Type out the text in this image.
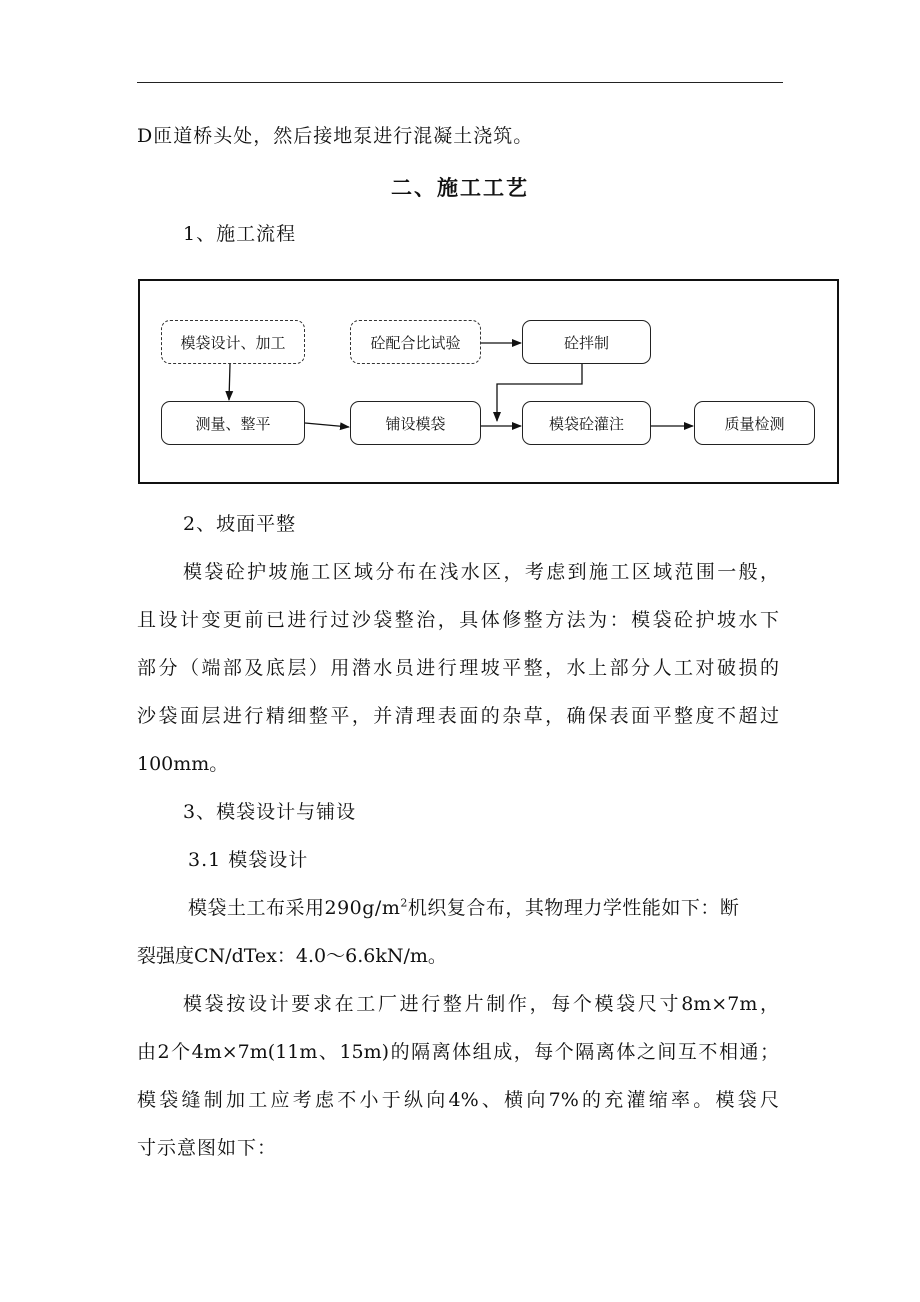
D匝道桥头处，然后接地泵进行混凝土浇筑。
二、施工工艺
1、施工流程
模袋设计、加工	砼配合比试验	砼拌制
测量、整平	铺设模袋	模袋砼灌注	质量检测
2、坡面平整
模袋砼护坡施工区域分布在浅水区，考虑到施工区域范围一般，
且设计变更前已进行过沙袋整治，具体修整方法为：模袋砼护坡水下
部分（端部及底层）用潜水员进行理坡平整，水上部分人工对破损的
沙袋面层进行精细整平，并清理表面的杂草，确保表面平整度不超过
100mm。
3、模袋设计与铺设
3.1 模袋设计
模袋土工布采用$290g/m^2$机织复合布，其物理力学性能如下：断
裂强度CN/dTex：4.0～6.6kN/m。
模袋按设计要求在工厂进行整片制作，每个模袋尺寸8m×7m，
由2个4m×7m(11m、15m)的隔离体组成，每个隔离体之间互不相通；
模袋缝制加工应考虑不小于纵向4%、横向7%的充灌缩率。模袋尺
寸示意图如下：
